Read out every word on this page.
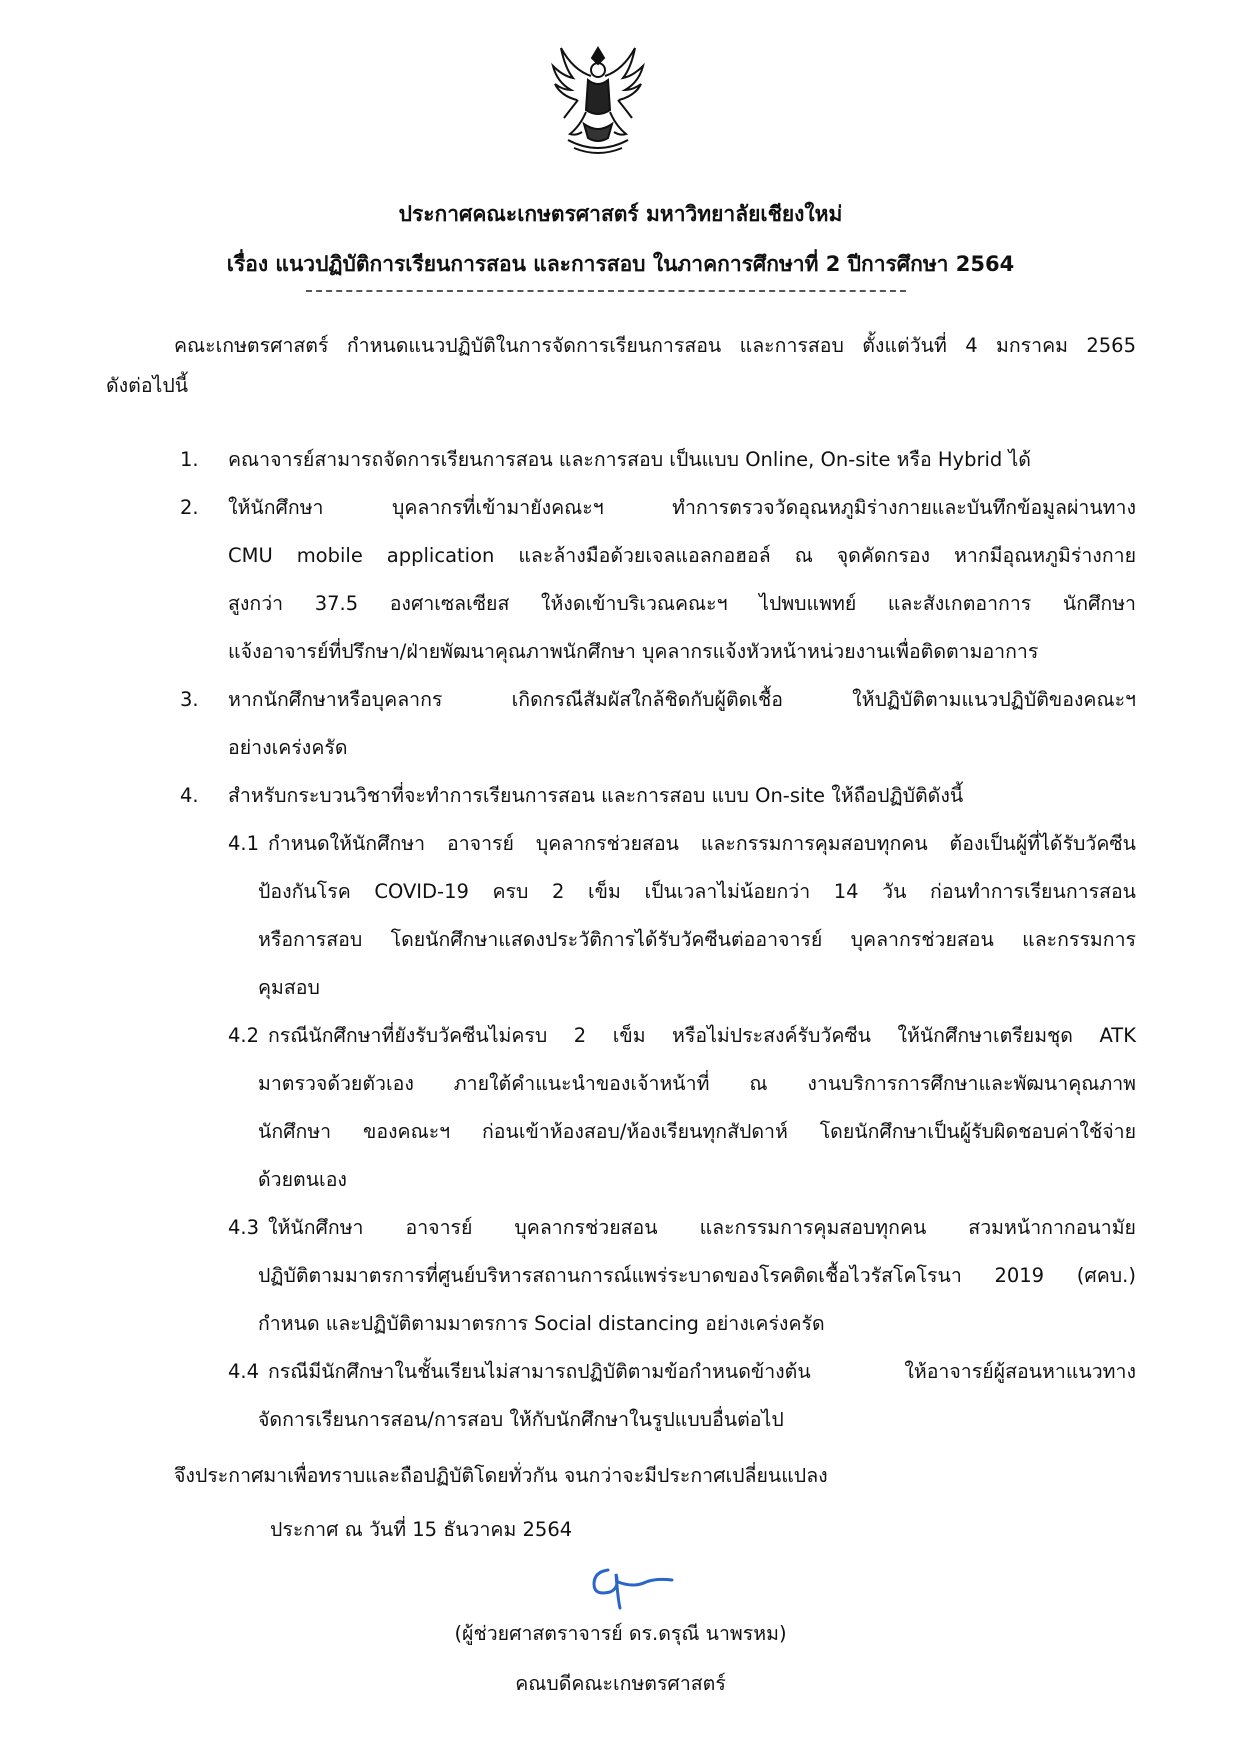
ประกาศคณะเกษตรศาสตร์ มหาวิทยาลัยเชียงใหม่
เรื่อง แนวปฏิบัติการเรียนการสอน และการสอบ ในภาคการศึกษาที่ 2 ปีการศึกษา 2564
คณะเกษตรศาสตร์ กำหนดแนวปฏิบัติในการจัดการเรียนการสอน และการสอบ ตั้งแต่วันที่ 4 มกราคม 2565
ดังต่อไปนี้
1. คณาจารย์สามารถจัดการเรียนการสอน และการสอบ เป็นแบบ Online, On-site หรือ Hybrid ได้
2. ให้นักศึกษา บุคลากรที่เข้ามายังคณะฯ ทำการตรวจวัดอุณหภูมิร่างกายและบันทึกข้อมูลผ่านทาง
CMU mobile application และล้างมือด้วยเจลแอลกอฮอล์ ณ จุดคัดกรอง หากมีอุณหภูมิร่างกาย
สูงกว่า 37.5 องศาเซลเซียส ให้งดเข้าบริเวณคณะฯ ไปพบแพทย์ และสังเกตอาการ นักศึกษา
แจ้งอาจารย์ที่ปรึกษา/ฝ่ายพัฒนาคุณภาพนักศึกษา บุคลากรแจ้งหัวหน้าหน่วยงานเพื่อติดตามอาการ
3. หากนักศึกษาหรือบุคลากร เกิดกรณีสัมผัสใกล้ชิดกับผู้ติดเชื้อ ให้ปฏิบัติตามแนวปฏิบัติของคณะฯ
อย่างเคร่งครัด
4. สำหรับกระบวนวิชาที่จะทำการเรียนการสอน และการสอบ แบบ On-site ให้ถือปฏิบัติดังนี้
4.1 กำหนดให้นักศึกษา อาจารย์ บุคลากรช่วยสอน และกรรมการคุมสอบทุกคน ต้องเป็นผู้ที่ได้รับวัคซีน
ป้องกันโรค COVID-19 ครบ 2 เข็ม เป็นเวลาไม่น้อยกว่า 14 วัน ก่อนทำการเรียนการสอน
หรือการสอบ โดยนักศึกษาแสดงประวัติการได้รับวัคซีนต่ออาจารย์ บุคลากรช่วยสอน และกรรมการ
คุมสอบ
4.2 กรณีนักศึกษาที่ยังรับวัคซีนไม่ครบ 2 เข็ม หรือไม่ประสงค์รับวัคซีน ให้นักศึกษาเตรียมชุด ATK
มาตรวจด้วยตัวเอง ภายใต้คำแนะนำของเจ้าหน้าที่ ณ งานบริการการศึกษาและพัฒนาคุณภาพ
นักศึกษา ของคณะฯ ก่อนเข้าห้องสอบ/ห้องเรียนทุกสัปดาห์ โดยนักศึกษาเป็นผู้รับผิดชอบค่าใช้จ่าย
ด้วยตนเอง
4.3 ให้นักศึกษา อาจารย์ บุคลากรช่วยสอน และกรรมการคุมสอบทุกคน สวมหน้ากากอนามัย
ปฏิบัติตามมาตรการที่ศูนย์บริหารสถานการณ์แพร่ระบาดของโรคติดเชื้อไวรัสโคโรนา 2019 (ศคบ.)
กำหนด และปฏิบัติตามมาตรการ Social distancing อย่างเคร่งครัด
4.4 กรณีมีนักศึกษาในชั้นเรียนไม่สามารถปฏิบัติตามข้อกำหนดข้างต้น ให้อาจารย์ผู้สอนหาแนวทาง
จัดการเรียนการสอน/การสอบ ให้กับนักศึกษาในรูปแบบอื่นต่อไป
จึงประกาศมาเพื่อทราบและถือปฏิบัติโดยทั่วกัน จนกว่าจะมีประกาศเปลี่ยนแปลง
ประกาศ ณ วันที่ 15 ธันวาคม 2564
(ผู้ช่วยศาสตราจารย์ ดร.ดรุณี นาพรหม)
คณบดีคณะเกษตรศาสตร์
